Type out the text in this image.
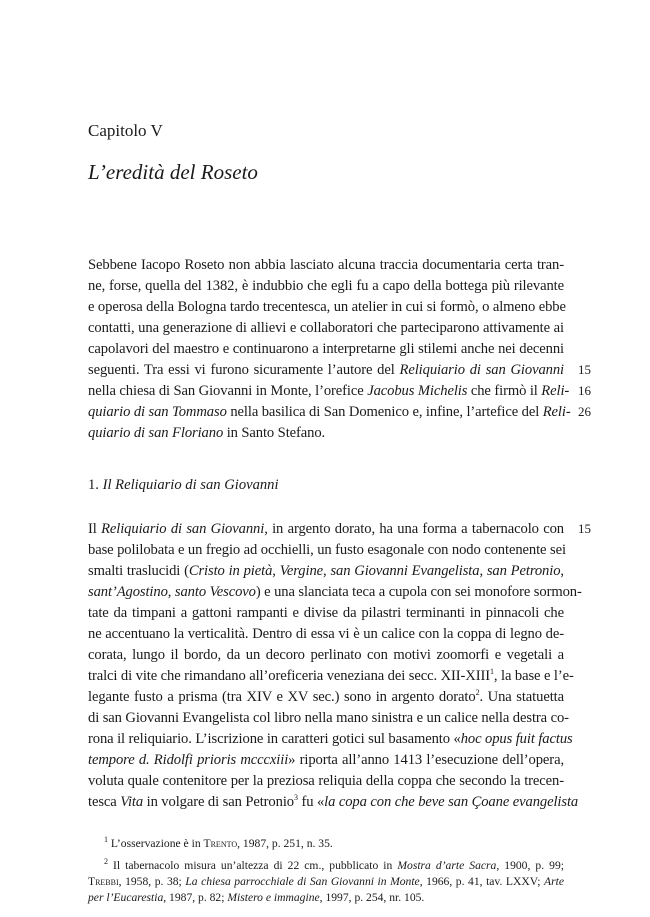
Capitolo V
L’eredità del Roseto
Sebbene Iacopo Roseto non abbia lasciato alcuna traccia documentaria certa tran-
ne, forse, quella del 1382, è indubbio che egli fu a capo della bottega più rilevante
e operosa della Bologna tardo trecentesca, un atelier in cui si formò, o almeno ebbe
contatti, una generazione di allievi e collaboratori che parteciparono attivamente ai
capolavori del maestro e continuarono a interpretarne gli stilemi anche nei decenni
seguenti. Tra essi vi furono sicuramente l’autore del Reliquiario di san Giovanni
nella chiesa di San Giovanni in Monte, l’orefice Jacobus Michelis che firmò il Reli-
quiario di san Tommaso nella basilica di San Domenico e, infine, l’artefice del Reli-
quiario di san Floriano in Santo Stefano.
15
16
26
1. Il Reliquiario di san Giovanni
Il Reliquiario di san Giovanni, in argento dorato, ha una forma a tabernacolo con
base polilobata e un fregio ad occhielli, un fusto esagonale con nodo contenente sei
smalti traslucidi (Cristo in pietà, Vergine, san Giovanni Evangelista, san Petronio,
sant’Agostino, santo Vescovo) e una slanciata teca a cupola con sei monofore sormon-
tate da timpani a gattoni rampanti e divise da pilastri terminanti in pinnacoli che
ne accentuano la verticalità. Dentro di essa vi è un calice con la coppa di legno de-
corata, lungo il bordo, da un decoro perlinato con motivi zoomorfi e vegetali a
tralci di vite che rimandano all’oreficeria veneziana dei secc. XII-XIII$^1$, la base e l’e-
legante fusto a prisma (tra XIV e XV sec.) sono in argento dorato$^2$. Una statuetta
di san Giovanni Evangelista col libro nella mano sinistra e un calice nella destra co-
rona il reliquiario. L’iscrizione in caratteri gotici sul basamento «hoc opus fuit factus
tempore d. Ridolfi prioris mcccxiii» riporta all’anno 1413 l’esecuzione dell’opera,
voluta quale contenitore per la preziosa reliquia della coppa che secondo la trecen-
tesca Vita in volgare di san Petronio$^3$ fu «la copa con che beve san Çoane evangelista
15
$^1$ L’osservazione è in Trento, 1987, p. 251, n. 35.
$^2$ Il tabernacolo misura un’altezza di 22 cm., pubblicato in Mostra d’arte Sacra, 1900, p. 99;
Trebbi, 1958, p. 38; La chiesa parrocchiale di San Giovanni in Monte, 1966, p. 41, tav. LXXV; Arte
per l’Eucarestia, 1987, p. 82; Mistero e immagine, 1997, p. 254, nr. 105.
